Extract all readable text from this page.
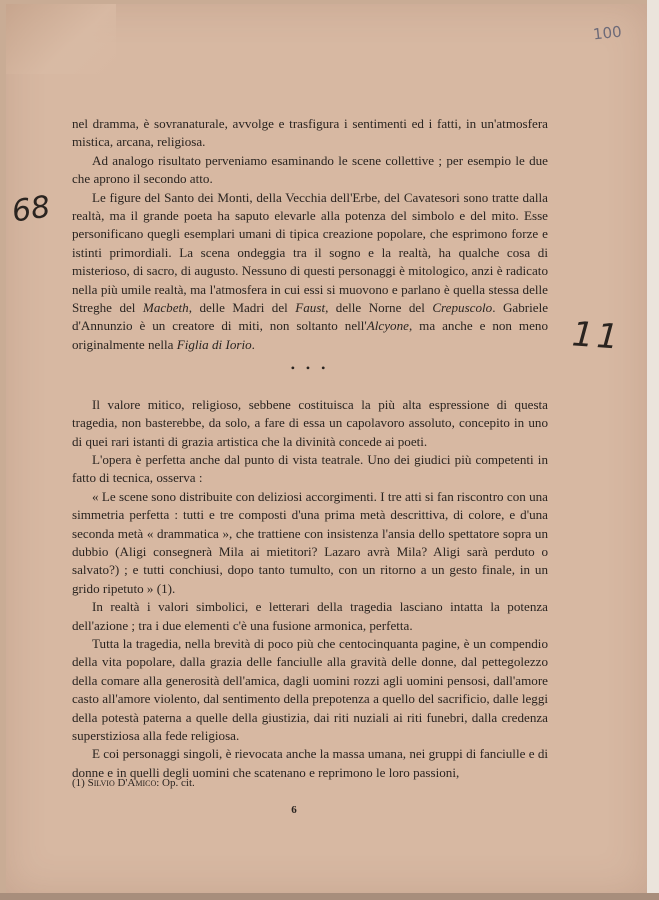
100
68
11

nel dramma, è sovranaturale, avvolge e trasfigura i sentimenti ed i fatti, in un'atmosfera mistica, arcana, religiosa.

Ad analogo risultato perveniamo esaminando le scene collettive ; per esempio le due che aprono il secondo atto.

Le figure del Santo dei Monti, della Vecchia dell'Erbe, del Cavatesori sono tratte dalla realtà, ma il grande poeta ha saputo elevarle alla potenza del simbolo e del mito. Esse personificano quegli esemplari umani di tipica creazione popolare, che esprimono forze e istinti primordiali. La scena ondeggia tra il sogno e la realtà, ha qualche cosa di misterioso, di sacro, di augusto. Nessuno di questi personaggi è mitologico, anzi è radicato nella più umile realtà, ma l'atmosfera in cui essi si muovono e parlano è quella stessa delle Streghe del Macbeth, delle Madri del Faust, delle Norne del Crepuscolo. Gabriele d'Annunzio è un creatore di miti, non soltanto nell'Alcyone, ma anche e non meno originalmente nella Figlia di Iorio.

• • •

Il valore mitico, religioso, sebbene costituisca la più alta espressione di questa tragedia, non basterebbe, da solo, a fare di essa un capolavoro assoluto, concepito in uno di quei rari istanti di grazia artistica che la divinità concede ai poeti.

L'opera è perfetta anche dal punto di vista teatrale. Uno dei giudici più competenti in fatto di tecnica, osserva :

« Le scene sono distribuite con deliziosi accorgimenti. I tre atti si fan riscontro con una simmetria perfetta : tutti e tre composti d'una prima metà descrittiva, di colore, e d'una seconda metà « drammatica », che trattiene con insistenza l'ansia dello spettatore sopra un dubbio (Aligi consegnerà Mila ai mietitori? Lazaro avrà Mila? Aligi sarà perduto o salvato?) ; e tutti conchiusi, dopo tanto tumulto, con un ritorno a un gesto finale, in un grido ripetuto » (1).

In realtà i valori simbolici, e letterari della tragedia lasciano intatta la potenza dell'azione ; tra i due elementi c'è una fusione armonica, perfetta.

Tutta la tragedia, nella brevità di poco più che centocinquanta pagine, è un compendio della vita popolare, dalla grazia delle fanciulle alla gravità delle donne, dal pettegolezzo della comare alla generosità dell'amica, dagli uomini rozzi agli uomini pensosi, dall'amore casto all'amore violento, dal sentimento della prepotenza a quello del sacrificio, dalle leggi della potestà paterna a quelle della giustizia, dai riti nuziali ai riti funebri, dalla credenza superstiziosa alla fede religiosa.

E coi personaggi singoli, è rievocata anche la massa umana, nei gruppi di fanciulle e di donne e in quelli degli uomini che scatenano e reprimono le loro passioni,

(1) Silvio D'Amico: Op. cit.
6
